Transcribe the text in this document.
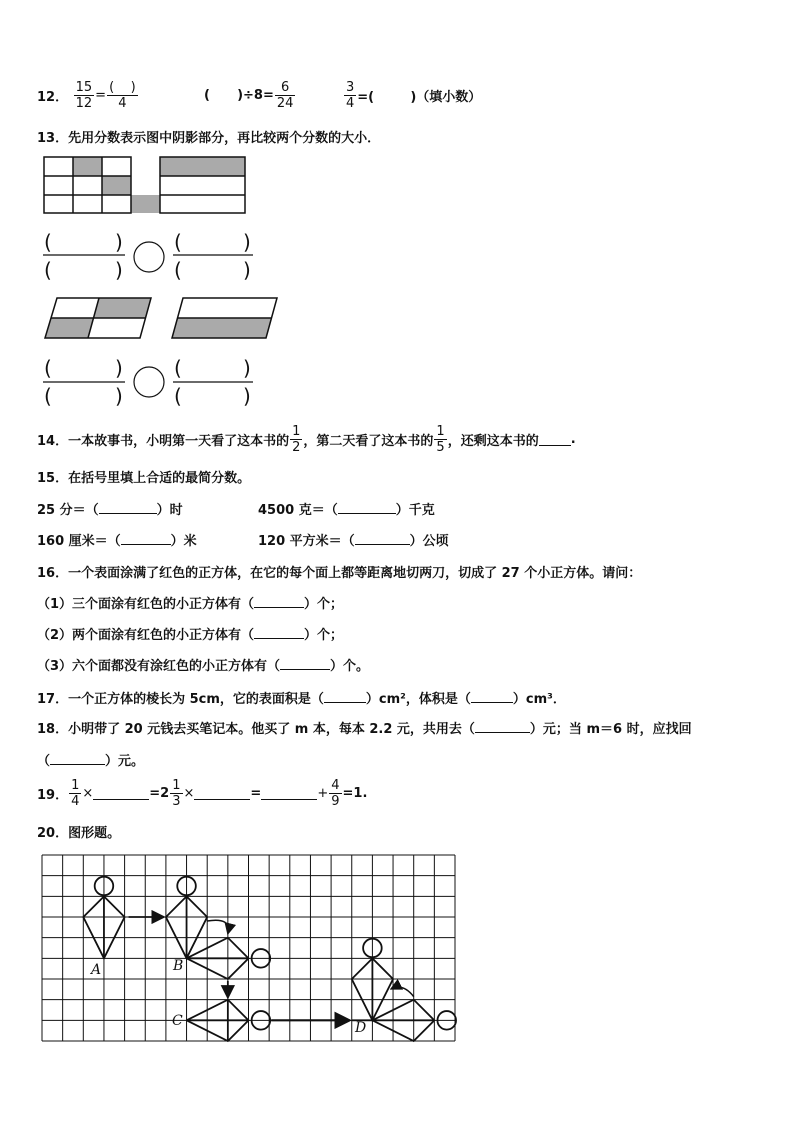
12． $\frac{15}{12} = \frac{( )}{4}$	(      )$\div 8= \frac{6}{24}$	$\frac{3}{4}$ =(        )（填小数）
13．先用分数表示图中阴影部分，再比较两个分数的大小．
(	)
(	)
(	)
(	)
(	)
(	)
(	)
(	)
14．一本故事书，小明第一天看了这本书的 $\frac{1}{2}$ ，第二天看了这本书的 $\frac{1}{5}$ ，还剩这本书的 .
15．在括号里填上合适的最简分数。
25 分＝（	）时	4500 克＝（	）千克
160 厘米＝（	）米	120 平方米＝（	）公顷
16．一个表面涂满了红色的正方体，在它的每个面上都等距离地切两刀，切成了 27 个小正方体。请问：
（1）三个面涂有红色的小正方体有（	）个；
（2）两个面涂有红色的小正方体有（	）个；
（3）六个面都没有涂红色的小正方体有（	）个。
17．一个正方体的棱长为 5cm，它的表面积是（	）cm²，体积是（	）cm³．
18．小明带了 20 元钱去买笔记本。他买了 m 本，每本 2.2 元，共用去（	）元；当 m＝6 时，应找回
（	）元。
19． $\frac{1}{4}$ ×	$=2 \frac{1}{3}$ ×	=	+ $\frac{4}{9} =1$.
20．图形题。
A	B
C	D
